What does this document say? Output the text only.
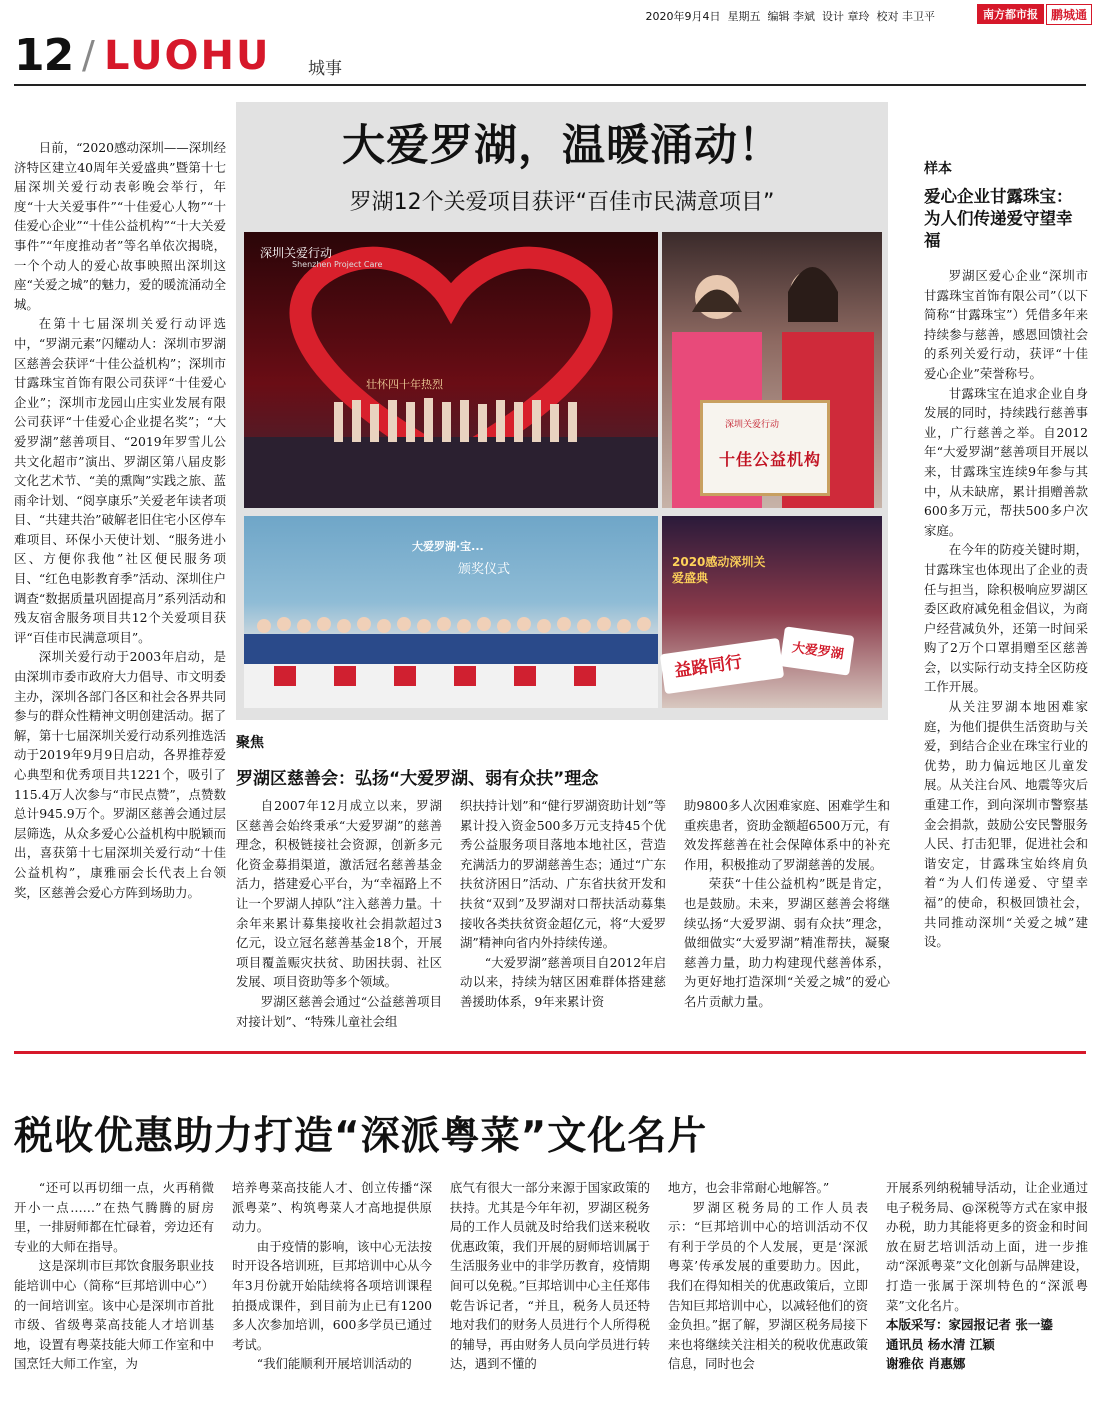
2020年9月4日 星期五 编辑 李斌 设计 章玲 校对 丰卫平	南方都市报	鹏城通
12 / LUOHU 城事

日前，“2020感动深圳——深圳经济特区建立40周年关爱盛典”暨第十七届深圳关爱行动表彰晚会举行，年度“十大关爱事件”“十佳爱心人物”“十佳爱心企业”“十佳公益机构”“十大关爱事件”“年度推动者”等名单依次揭晓，一个个动人的爱心故事映照出深圳这座“关爱之城”的魅力，爱的暖流涌动全城。

在第十七届深圳关爱行动评选中，“罗湖元素”闪耀动人：深圳市罗湖区慈善会获评“十佳公益机构”；深圳市甘露珠宝首饰有限公司获评“十佳爱心企业”；深圳市龙园山庄实业发展有限公司获评“十佳爱心企业提名奖”；“大爱罗湖”慈善项目、“2019年罗雪儿公共文化超市”演出、罗湖区第八届皮影文化艺术节、“美的熏陶”实践之旅、蓝雨伞计划、“阅享康乐”关爱老年读者项目、“共建共治”破解老旧住宅小区停车难项目、环保小天使计划、“服务进小区、方便你我他”社区便民服务项目、“红色电影教育季”活动、深圳住户调查“数据质量巩固提高月”系列活动和残友宿舍服务项目共12个关爱项目获评“百佳市民满意项目”。

深圳关爱行动于2003年启动，是由深圳市委市政府大力倡导、市文明委主办，深圳各部门各区和社会各界共同参与的群众性精神文明创建活动。据了解，第十七届深圳关爱行动系列推选活动于2019年9月9日启动，各界推荐爱心典型和优秀项目共1221个，吸引了115.4万人次参与“市民点赞”，点赞数总计945.9万个。罗湖区慈善会通过层层筛选，从众多爱心公益机构中脱颖而出，喜获第十七届深圳关爱行动“十佳公益机构”，康雅丽会长代表上台领奖，区慈善会爱心方阵到场助力。

大爱罗湖，温暖涌动！
罗湖12个关爱项目获评“百佳市民满意项目”
深圳关爱行动
Shenzhen Project Care
壮怀四十年热烈
深圳关爱行动
十佳公益机构
大爱罗湖·宝...
颁奖仪式	2020感动深圳关爱盛典
益路同行
大爱罗湖
聚焦
罗湖区慈善会：弘扬“大爱罗湖、弱有众扶”理念

自2007年12月成立以来，罗湖区慈善会始终秉承“大爱罗湖”的慈善理念，积极链接社会资源，创新多元化资金募捐渠道，激活冠名慈善基金活力，搭建爱心平台，为“幸福路上不让一个罗湖人掉队”注入慈善力量。十余年来累计募集接收社会捐款超过3亿元，设立冠名慈善基金18个，开展项目覆盖赈灾扶贫、助困扶弱、社区发展、项目资助等多个领域。

罗湖区慈善会通过“公益慈善项目对接计划”、“特殊儿童社会组

织扶持计划”和“健行罗湖资助计划”等累计投入资金500多万元支持45个优秀公益服务项目落地本地社区，营造充满活力的罗湖慈善生态；通过“广东扶贫济困日”活动、广东省扶贫开发和扶贫“双到”及罗湖对口帮扶活动募集接收各类扶贫资金超亿元，将“大爱罗湖”精神向省内外持续传递。

“大爱罗湖”慈善项目自2012年启动以来，持续为辖区困难群体搭建慈善援助体系，9年来累计资

助9800多人次困难家庭、困难学生和重疾患者，资助金额超6500万元，有效发挥慈善在社会保障体系中的补充作用，积极推动了罗湖慈善的发展。

荣获“十佳公益机构”既是肯定，也是鼓励。未来，罗湖区慈善会将继续弘扬“大爱罗湖、弱有众扶”理念，做细做实“大爱罗湖”精准帮扶，凝聚慈善力量，助力构建现代慈善体系，为更好地打造深圳“关爱之城”的爱心名片贡献力量。

样本
爱心企业甘露珠宝：为人们传递爱守望幸福

罗湖区爱心企业“深圳市甘露珠宝首饰有限公司”（以下简称“甘露珠宝”）凭借多年来持续参与慈善，感恩回馈社会的系列关爱行动，获评“十佳爱心企业”荣誉称号。

甘露珠宝在追求企业自身发展的同时，持续践行慈善事业，广行慈善之举。自2012年“大爱罗湖”慈善项目开展以来，甘露珠宝连续9年参与其中，从未缺席，累计捐赠善款600多万元，帮扶500多户次家庭。

在今年的防疫关键时期，甘露珠宝也体现出了企业的责任与担当，除积极响应罗湖区委区政府减免租金倡议，为商户经营减负外，还第一时间采购了2万个口罩捐赠至区慈善会，以实际行动支持全区防疫工作开展。

从关注罗湖本地困难家庭，为他们提供生活资助与关爱，到结合企业在珠宝行业的优势，助力偏远地区儿童发展。从关注台风、地震等灾后重建工作，到向深圳市警察基金会捐款，鼓励公安民警服务人民、打击犯罪，促进社会和谐安定，甘露珠宝始终肩负着“为人们传递爱、守望幸福”的使命，积极回馈社会，共同推动深圳“关爱之城”建设。

税收优惠助力打造“深派粤菜”文化名片

“还可以再切细一点，火再稍微开小一点……”在热气腾腾的厨房里，一排厨师都在忙碌着，旁边还有专业的大师在指导。

这是深圳市巨邦饮食服务职业技能培训中心（简称“巨邦培训中心”）的一间培训室。该中心是深圳市首批市级、省级粤菜高技能人才培训基地，设置有粤菜技能大师工作室和中国烹饪大师工作室，为

培养粤菜高技能人才、创立传播“深派粤菜”、构筑粤菜人才高地提供原动力。

由于疫情的影响，该中心无法按时开设各培训班，巨邦培训中心从今年3月份就开始陆续将各项培训课程拍摄成课件，到目前为止已有1200多人次参加培训，600多学员已通过考试。

“我们能顺利开展培训活动的

底气有很大一部分来源于国家政策的扶持。尤其是今年年初，罗湖区税务局的工作人员就及时给我们送来税收优惠政策，我们开展的厨师培训属于生活服务业中的非学历教育，疫情期间可以免税。”巨邦培训中心主任郑伟乾告诉记者，“并且，税务人员还特地对我们的财务人员进行个人所得税的辅导，再由财务人员向学员进行转达，遇到不懂的

地方，也会非常耐心地解答。”

罗湖区税务局的工作人员表示：“巨邦培训中心的培训活动不仅有利于学员的个人发展，更是‘深派粤菜’传承发展的重要助力。因此，我们在得知相关的优惠政策后，立即告知巨邦培训中心，以减轻他们的资金负担。”据了解，罗湖区税务局接下来也将继续关注相关的税收优惠政策信息，同时也会

开展系列纳税辅导活动，让企业通过电子税务局、@深税等方式在家申报办税，助力其能将更多的资金和时间放在厨艺培训活动上面，进一步推动“深派粤菜”文化创新与品牌建设，打造一张属于深圳特色的“深派粤菜”文化名片。

本版采写：家园报记者 张一鎏
通讯员 杨水清 江颖
谢雅依 肖惠娜
